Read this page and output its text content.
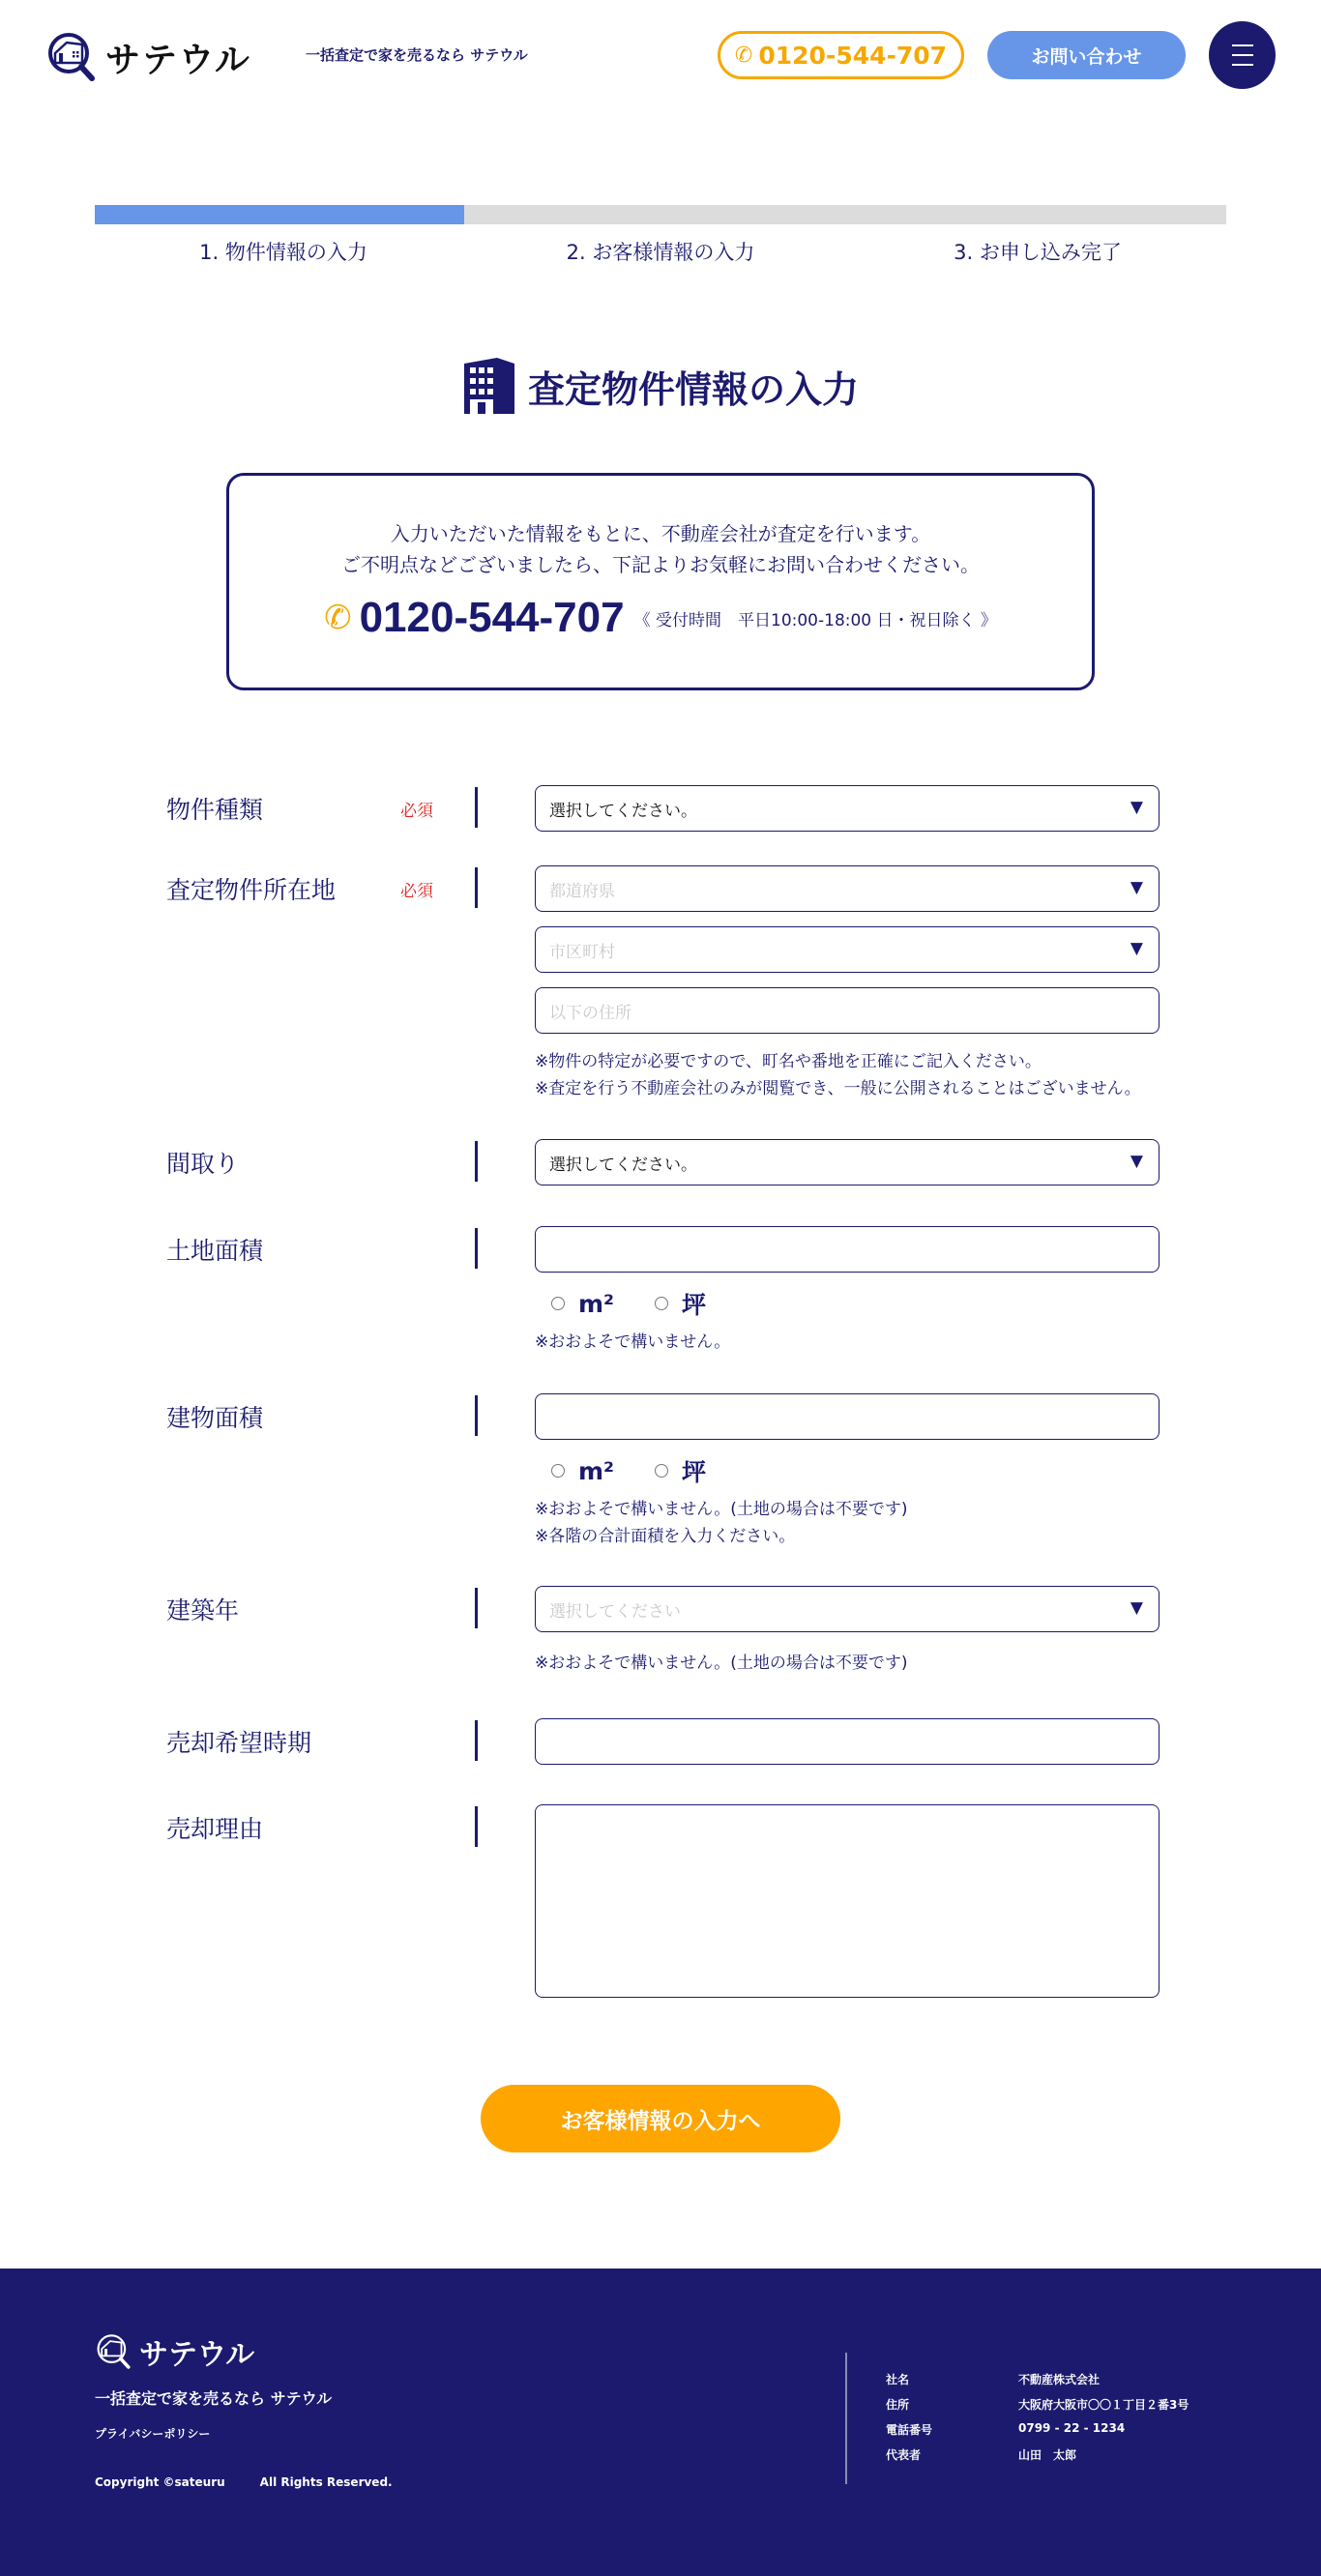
サテウル	一括査定で家を売るなら サテウル	✆ 0120-544-707	お問い合わせ
1. 物件情報の入力	2. お客様情報の入力	3. お申し込み完了
査定物件情報の入力
入力いただいた情報をもとに、不動産会社が査定を行います。
ご不明点などございましたら、下記よりお気軽にお問い合わせください。
✆ 0120-544-707 《 受付時間　平日10:00-18:00 日・祝日除く 》
物件種類	必須	選択してください。	▼
査定物件所在地	必須	都道府県	▼
市区町村	▼
以下の住所
※物件の特定が必要ですので、町名や番地を正確にご記入ください。
※査定を行う不動産会社のみが閲覧でき、一般に公開されることはございません。
間取り	選択してください。	▼
土地面積
m²	坪
※おおよそで構いません。
建物面積
m²	坪
※おおよそで構いません。(土地の場合は不要です)
※各階の合計面積を入力ください。
建築年	選択してください	▼
※おおよそで構いません。(土地の場合は不要です)
売却希望時期
売却理由
お客様情報の入力へ
サテウル
一括査定で家を売るなら サテウル
プライバシーポリシー
Copyright ©sateuru	All Rights Reserved.
社名	不動産株式会社
住所	大阪府大阪市〇〇１丁目２番3号
電話番号	0799 - 22 - 1234
代表者	山田　太郎
